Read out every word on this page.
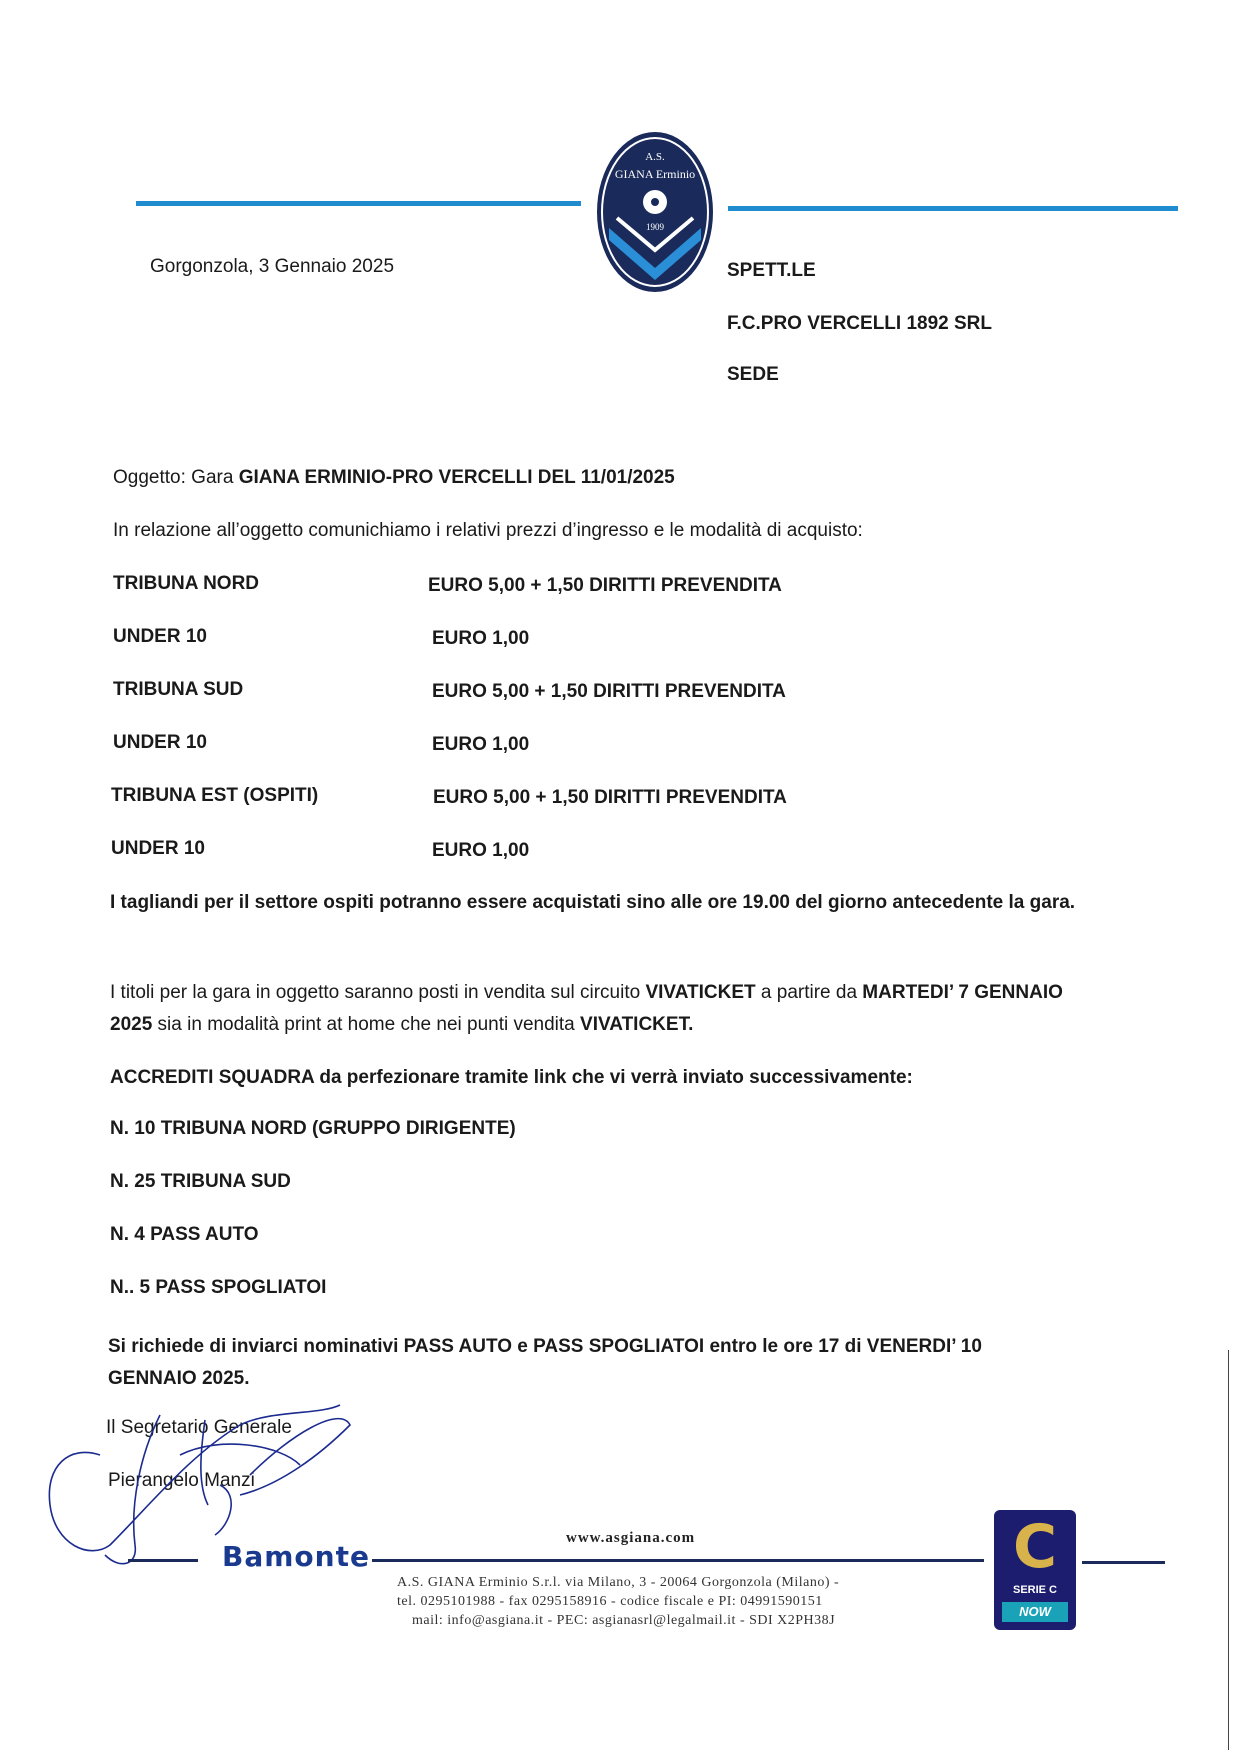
A.S.
GIANA Erminio
1909
Gorgonzola, 3 Gennaio 2025	SPETT.LE
F.C.PRO VERCELLI 1892 SRL
SEDE
Oggetto: Gara GIANA ERMINIO-PRO VERCELLI DEL 11/01/2025
In relazione all’oggetto comunichiamo i relativi prezzi d’ingresso e le modalità di acquisto:
TRIBUNA NORD	EURO 5,00 + 1,50 DIRITTI PREVENDITA
UNDER 10	EURO 1,00
TRIBUNA SUD	EURO 5,00 + 1,50 DIRITTI PREVENDITA
UNDER 10	EURO 1,00
TRIBUNA EST (OSPITI)	EURO 5,00 + 1,50 DIRITTI PREVENDITA
UNDER 10	EURO 1,00
I tagliandi per il settore ospiti potranno essere acquistati sino alle ore 19.00 del giorno antecedente la gara.
I titoli per la gara in oggetto saranno posti in vendita sul circuito VIVATICKET a partire da MARTEDI’ 7 GENNAIO 2025 sia in modalità print at home che nei punti vendita VIVATICKET.
ACCREDITI SQUADRA da perfezionare tramite link che vi verrà inviato successivamente:
N. 10 TRIBUNA NORD (GRUPPO DIRIGENTE)
N. 25 TRIBUNA SUD
N. 4 PASS AUTO
N.. 5 PASS SPOGLIATOI
Si richiede di inviarci nominativi PASS AUTO e PASS SPOGLIATOI entro le ore 17 di VENERDI’ 10 GENNAIO 2025.
Il Segretario Generale
Pierangelo Manzi
Bamonte
www.asgiana.com
A.S. GIANA Erminio S.r.l. via Milano, 3 - 20064 Gorgonzola (Milano) -
tel. 0295101988 - fax 0295158916 - codice fiscale e PI: 04991590151
mail: info@asgiana.it - PEC: asgianasrl@legalmail.it - SDI X2PH38J
C
SERIE C
NOW
